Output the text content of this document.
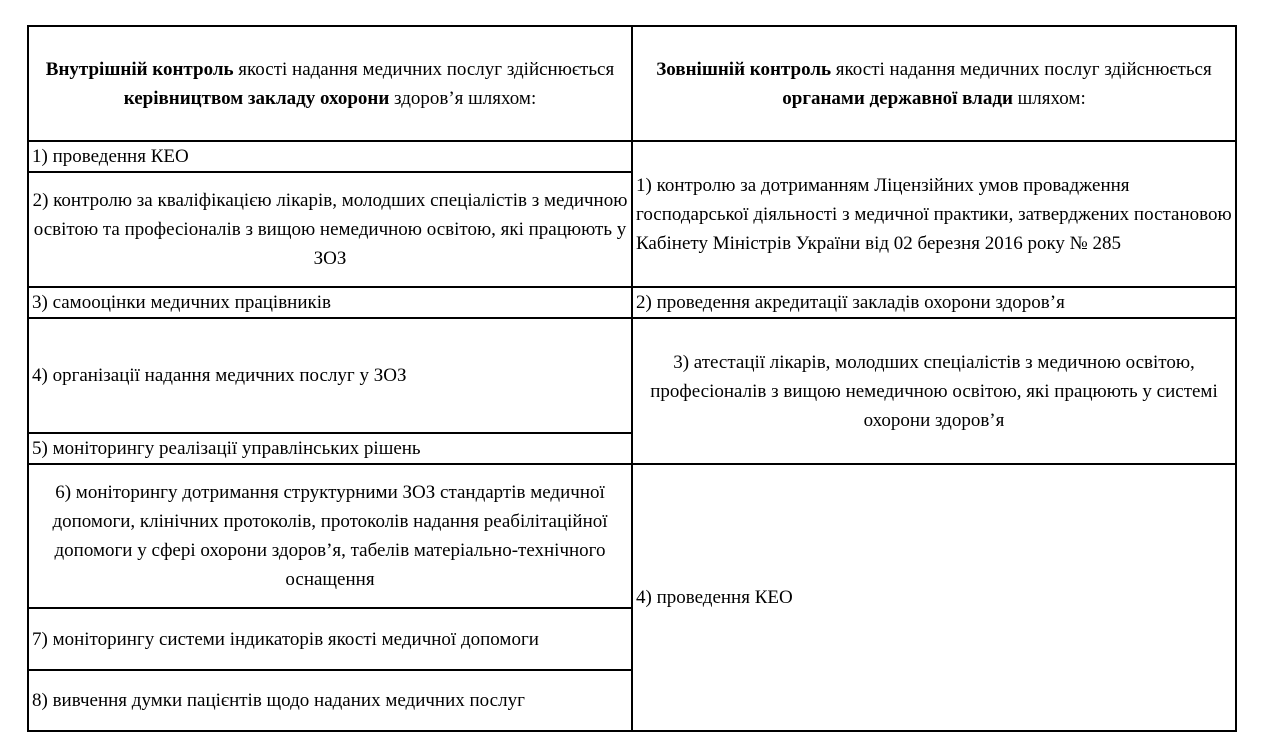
Внутрішній контроль якості надання медичних послуг здійснюється керівництвом закладу охорони здоров’я шляхом:	Зовнішній контроль якості надання медичних послуг здійснюється органами державної влади шляхом:
1) проведення КЕО	1) контролю за дотриманням Ліцензійних умов провадження господарської діяльності з медичної практики, затверджених постановою Кабінету Міністрів України від 02 березня 2016 року № 285
2) контролю за кваліфікацією лікарів, молодших спеціалістів з медичною освітою та професіоналів з вищою немедичною освітою, які працюють у ЗОЗ	
3) самооцінки медичних працівників	2) проведення акредитації закладів охорони здоров’я
4) організації надання медичних послуг у ЗОЗ	3) атестації лікарів, молодших спеціалістів з медичною освітою, професіоналів з вищою немедичною освітою, які працюють у системі охорони здоров’я
5) моніторингу реалізації управлінських рішень	
6) моніторингу дотримання структурними ЗОЗ стандартів медичної допомоги, клінічних протоколів, протоколів надання реабілітаційної допомоги у сфері охорони здоров’я, табелів матеріально-технічного оснащення	4) проведення КЕО
7) моніторингу системи індикаторів якості медичної допомоги	
8) вивчення думки пацієнтів щодо наданих медичних послуг	
